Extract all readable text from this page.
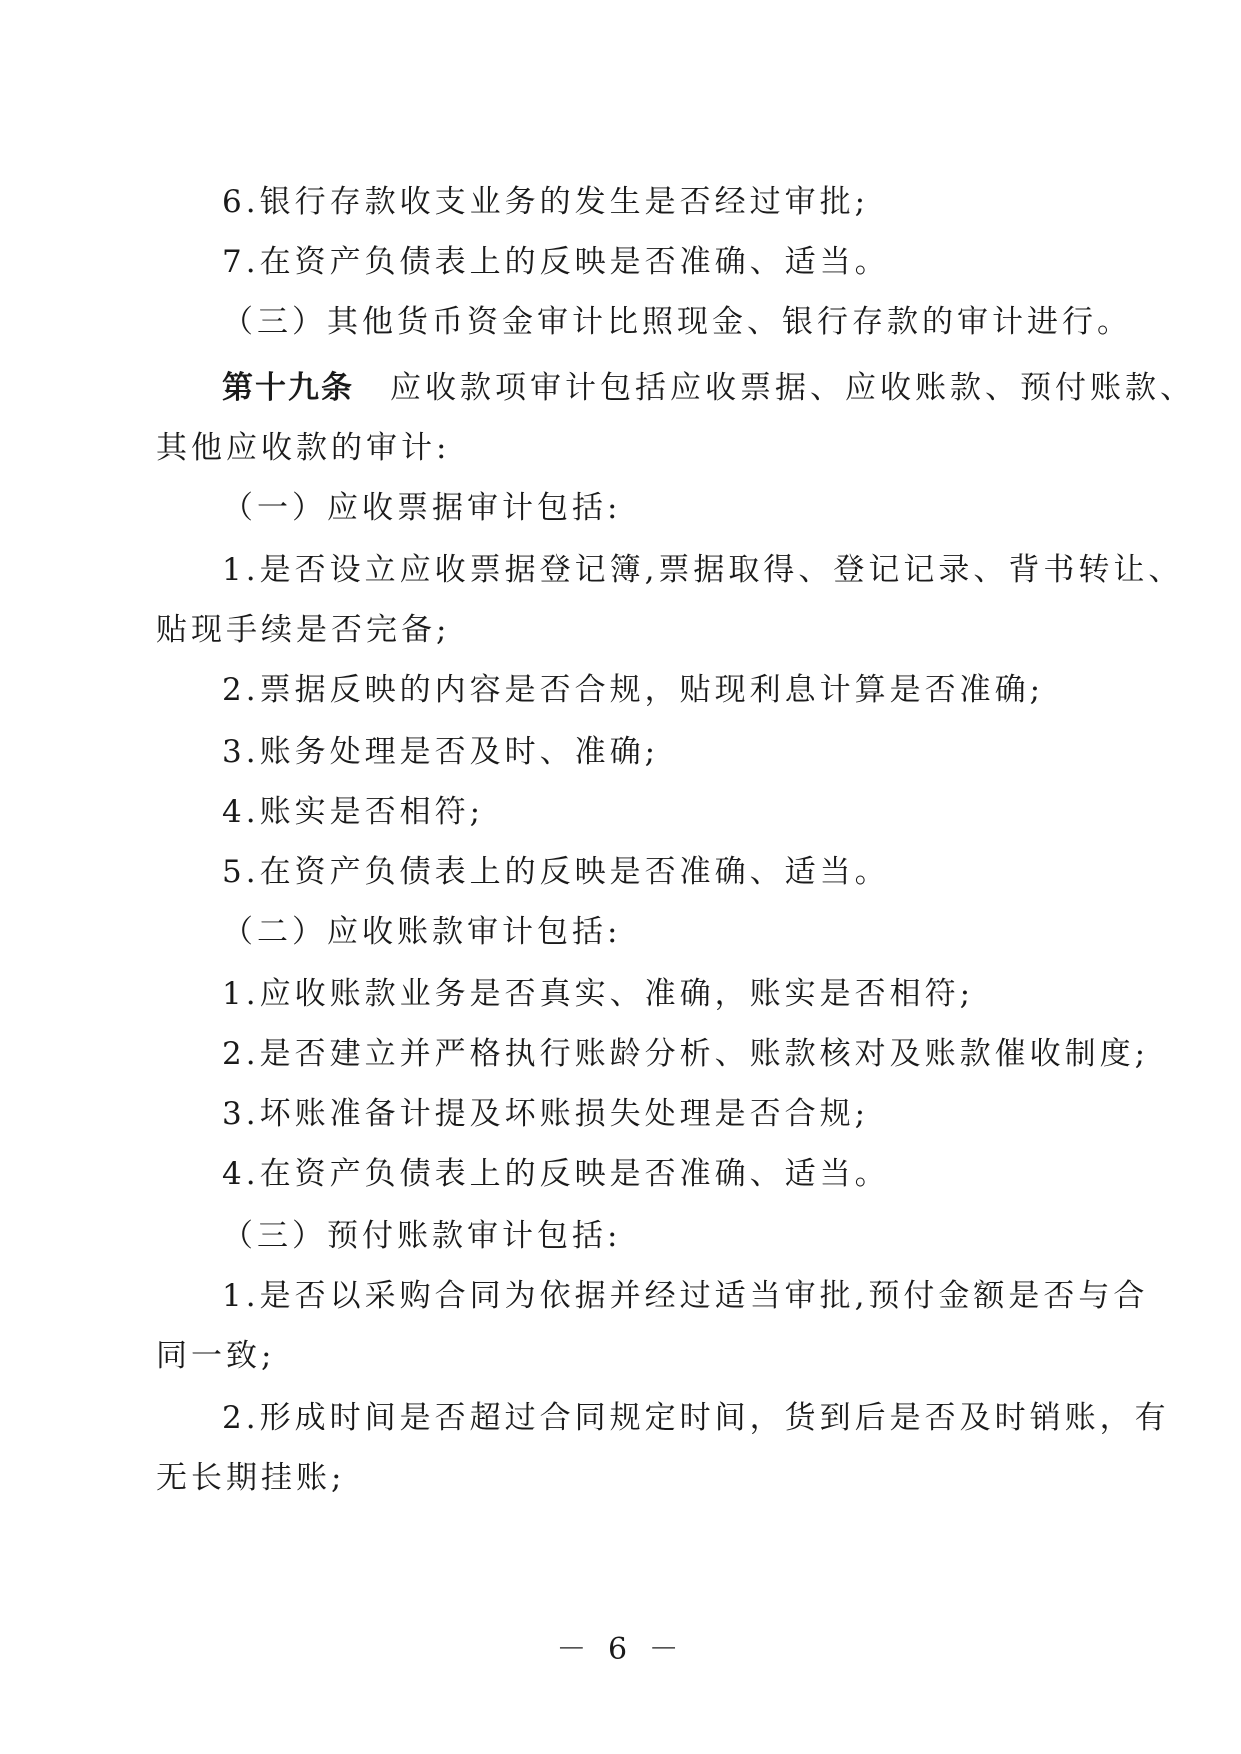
6.银行存款收支业务的发生是否经过审批;
7.在资产负债表上的反映是否准确、适当。
（三）其他货币资金审计比照现金、银行存款的审计进行。
第十九条 应收款项审计包括应收票据、应收账款、预付账款、
其他应收款的审计:
（一）应收票据审计包括:
1.是否设立应收票据登记簿,票据取得、登记记录、背书转让、
贴现手续是否完备;
2.票据反映的内容是否合规，贴现利息计算是否准确;
3.账务处理是否及时、准确;
4.账实是否相符;
5.在资产负债表上的反映是否准确、适当。
（二）应收账款审计包括:
1.应收账款业务是否真实、准确，账实是否相符;
2.是否建立并严格执行账龄分析、账款核对及账款催收制度;
3.坏账准备计提及坏账损失处理是否合规;
4.在资产负债表上的反映是否准确、适当。
（三）预付账款审计包括:
1.是否以采购合同为依据并经过适当审批,预付金额是否与合
同一致;
2.形成时间是否超过合同规定时间，货到后是否及时销账，有
无长期挂账;
－ 6 －
